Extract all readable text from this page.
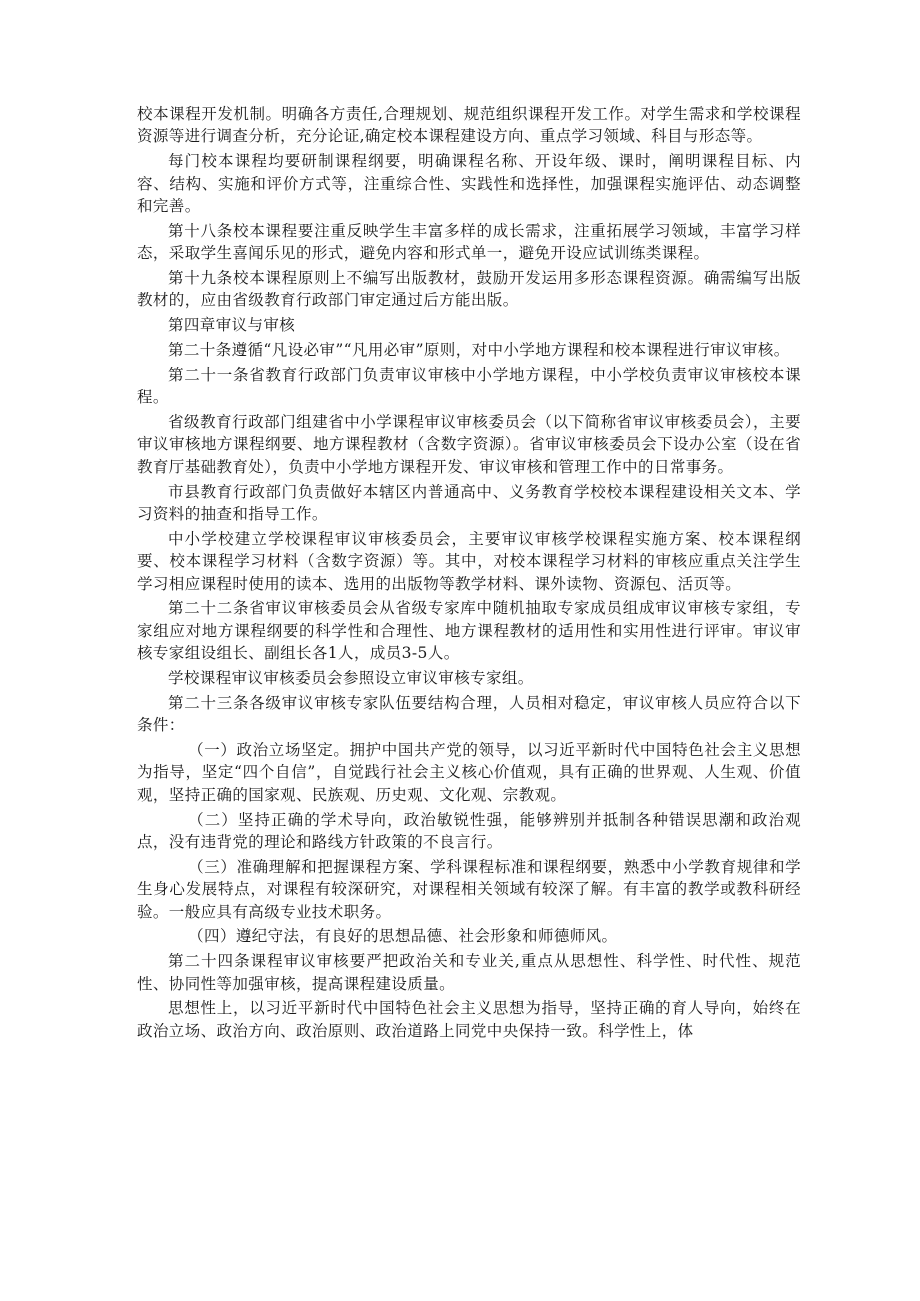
校本课程开发机制。明确各方责任,合理规划、规范组织课程开发工作。对学生需求和学校课程资源等进行调查分析，充分论证,确定校本课程建设方向、重点学习领域、科目与形态等。

每门校本课程均要研制课程纲要，明确课程名称、开设年级、课时，阐明课程目标、内容、结构、实施和评价方式等，注重综合性、实践性和选择性，加强课程实施评估、动态调整和完善。

第十八条校本课程要注重反映学生丰富多样的成长需求，注重拓展学习领域，丰富学习样态，采取学生喜闻乐见的形式，避免内容和形式单一，避免开设应试训练类课程。

第十九条校本课程原则上不编写出版教材，鼓励开发运用多形态课程资源。确需编写出版教材的，应由省级教育行政部门审定通过后方能出版。

第四章审议与审核

第二十条遵循“凡设必审”“凡用必审”原则，对中小学地方课程和校本课程进行审议审核。

第二十一条省教育行政部门负责审议审核中小学地方课程，中小学校负责审议审核校本课程。

省级教育行政部门组建省中小学课程审议审核委员会（以下简称省审议审核委员会），主要审议审核地方课程纲要、地方课程教材（含数字资源）。省审议审核委员会下设办公室（设在省教育厅基础教育处），负责中小学地方课程开发、审议审核和管理工作中的日常事务。

市县教育行政部门负责做好本辖区内普通高中、义务教育学校校本课程建设相关文本、学习资料的抽查和指导工作。

中小学校建立学校课程审议审核委员会，主要审议审核学校课程实施方案、校本课程纲要、校本课程学习材料（含数字资源）等。其中，对校本课程学习材料的审核应重点关注学生学习相应课程时使用的读本、选用的出版物等教学材料、课外读物、资源包、活页等。

第二十二条省审议审核委员会从省级专家库中随机抽取专家成员组成审议审核专家组，专家组应对地方课程纲要的科学性和合理性、地方课程教材的适用性和实用性进行评审。审议审核专家组设组长、副组长各1人，成员3-5人。

学校课程审议审核委员会参照设立审议审核专家组。

第二十三条各级审议审核专家队伍要结构合理，人员相对稳定，审议审核人员应符合以下条件：

（一）政治立场坚定。拥护中国共产党的领导，以习近平新时代中国特色社会主义思想为指导，坚定“四个自信”，自觉践行社会主义核心价值观，具有正确的世界观、人生观、价值观，坚持正确的国家观、民族观、历史观、文化观、宗教观。

（二）坚持正确的学术导向，政治敏锐性强，能够辨别并抵制各种错误思潮和政治观点，没有违背党的理论和路线方针政策的不良言行。

（三）准确理解和把握课程方案、学科课程标准和课程纲要，熟悉中小学教育规律和学生身心发展特点，对课程有较深研究，对课程相关领域有较深了解。有丰富的教学或教科研经验。一般应具有高级专业技术职务。

（四）遵纪守法，有良好的思想品德、社会形象和师德师风。

第二十四条课程审议审核要严把政治关和专业关,重点从思想性、科学性、时代性、规范性、协同性等加强审核，提高课程建设质量。

思想性上，以习近平新时代中国特色社会主义思想为指导，坚持正确的育人导向，始终在政治立场、政治方向、政治原则、政治道路上同党中央保持一致。科学性上，体
